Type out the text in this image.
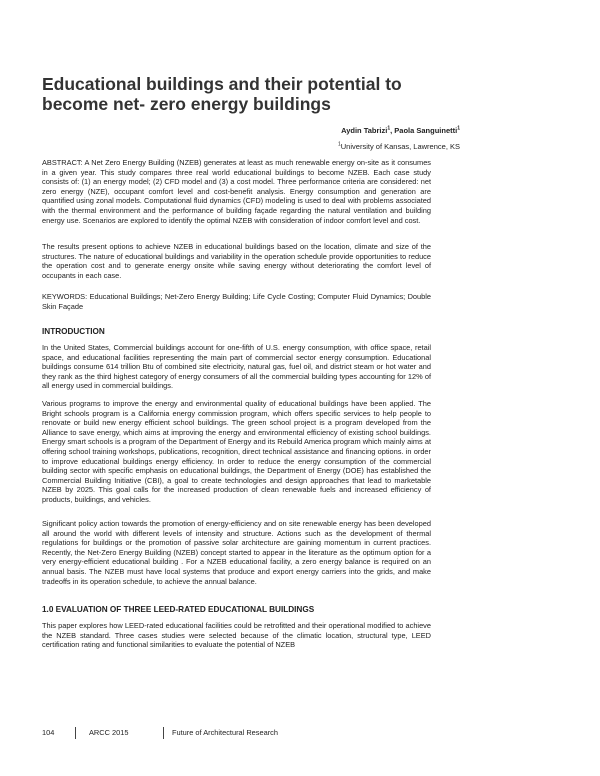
Educational buildings and their potential to become net- zero energy buildings
Aydin Tabrizi$^1$, Paola Sanguinetti$^1$
$^1$University of Kansas, Lawrence, KS

ABSTRACT: A Net Zero Energy Building (NZEB) generates at least as much renewable energy on-site as it consumes in a given year. This study compares three real world educational buildings to become NZEB. Each case study consists of: (1) an energy model; (2) CFD model and (3) a cost model. Three performance criteria are considered: net zero energy (NZE), occupant comfort level and cost-benefit analysis. Energy consumption and generation are quantified using zonal models. Computational fluid dynamics (CFD) modeling is used to deal with problems associated with the thermal environment and the performance of building façade regarding the natural ventilation and building energy use. Scenarios are explored to identify the optimal NZEB with consideration of indoor comfort level and cost.

The results present options to achieve NZEB in educational buildings based on the location, climate and size of the structures. The nature of educational buildings and variability in the operation schedule provide opportunities to reduce the operation cost and to generate energy onsite while saving energy without deteriorating the comfort level of occupants in each case.

KEYWORDS: Educational Buildings; Net-Zero Energy Building; Life Cycle Costing; Computer Fluid Dynamics; Double Skin Façade

INTRODUCTION

In the United States, Commercial buildings account for one-fifth of U.S. energy consumption, with office space, retail space, and educational facilities representing the main part of commercial sector energy consumption. Educational buildings consume 614 trillion Btu of combined site electricity, natural gas, fuel oil, and district steam or hot water and they rank as the third highest category of energy consumers of all the commercial building types accounting for 12% of all energy used in commercial buildings.

Various programs to improve the energy and environmental quality of educational buildings have been applied. The Bright schools program is a California energy commission program, which offers specific services to help people to renovate or build new energy efficient school buildings. The green school project is a program developed from the Alliance to save energy, which aims at improving the energy and environmental efficiency of existing school buildings. Energy smart schools is a program of the Department of Energy and its Rebuild America program which mainly aims at offering school training workshops, publications, recognition, direct technical assistance and financing options. in order to improve educational buildings energy efficiency. In order to reduce the energy consumption of the commercial building sector with specific emphasis on educational buildings, the Department of Energy (DOE) has established the Commercial Building Initiative (CBI), a goal to create technologies and design approaches that lead to marketable NZEB by 2025. This goal calls for the increased production of clean renewable fuels and increased efficiency of products, buildings, and vehicles.

Significant policy action towards the promotion of energy-efficiency and on site renewable energy has been developed all around the world with different levels of intensity and structure. Actions such as the development of thermal regulations for buildings or the promotion of passive solar architecture are gaining momentum in current practices. Recently, the Net-Zero Energy Building (NZEB) concept started to appear in the literature as the optimum option for a very energy-efficient educational building . For a NZEB educational facility, a zero energy balance is required on an annual basis. The NZEB must have local systems that produce and export energy carriers into the grids, and make tradeoffs in its operation schedule, to achieve the annual balance.

1.0 EVALUATION OF THREE LEED-RATED EDUCATIONAL BUILDINGS

This paper explores how LEED-rated educational facilities could be retrofitted and their operational modified to achieve the NZEB standard. Three cases studies were selected because of the climatic location, structural type, LEED certification rating and functional similarities to evaluate the potential of NZEB

104	ARCC 2015	Future of Architectural Research
